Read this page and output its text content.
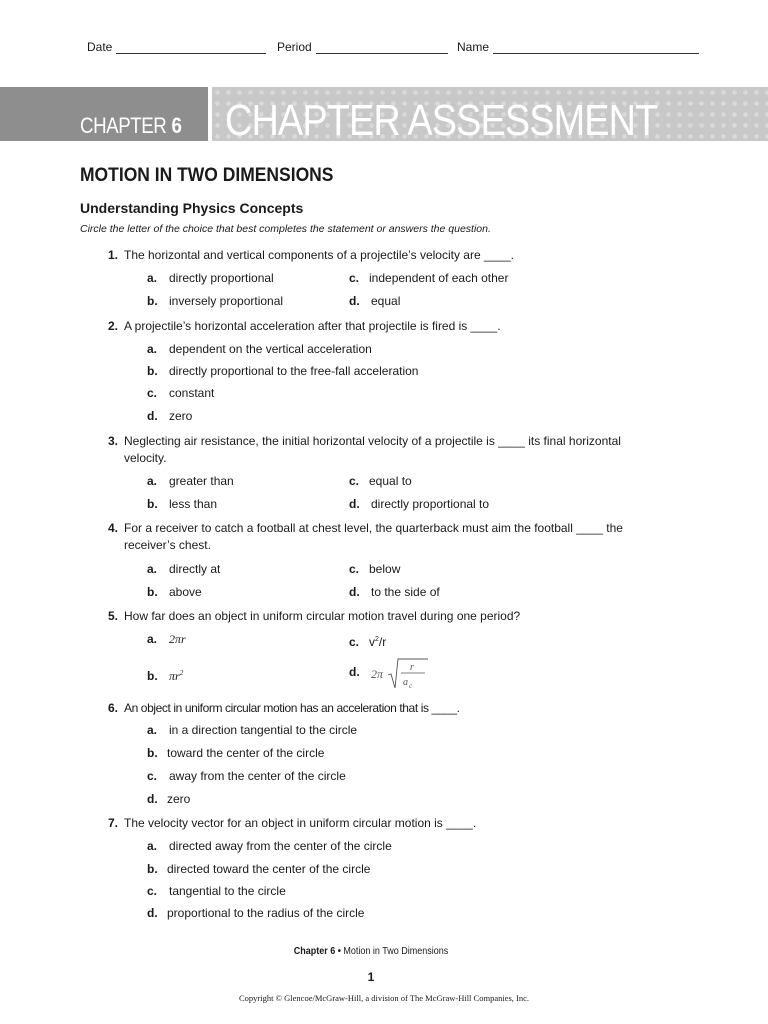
Date	Period	Name
CHAPTER 6 CHAPTER ASSESSMENT
MOTION IN TWO DIMENSIONS
Understanding Physics Concepts
Circle the letter of the choice that best completes the statement or answers the question.
1. The horizontal and vertical components of a projectile’s velocity are ____.
a. directly proportional
b. inversely proportional
c. independent of each other
d. equal
2. A projectile’s horizontal acceleration after that projectile is fired is ____.
a. dependent on the vertical acceleration
b. directly proportional to the free-fall acceleration
c. constant
d. zero
3. Neglecting air resistance, the initial horizontal velocity of a projectile is ____ its final horizontal velocity.
a. greater than
b. less than
c. equal to
d. directly proportional to
4. For a receiver to catch a football at chest level, the quarterback must aim the football ____ the receiver’s chest.
a. directly at
b. above
c. below
d. to the side of
5. How far does an object in uniform circular motion travel during one period?
a. 2πr
b. $\pi r^2$
c. $v^2/r$
d. 2π	r
a c
6. An object in uniform circular motion has an acceleration that is ____.
a. in a direction tangential to the circle
b. toward the center of the circle
c. away from the center of the circle
d. zero
7. The velocity vector for an object in uniform circular motion is ____.
a. directed away from the center of the circle
b. directed toward the center of the circle
c. tangential to the circle
d. proportional to the radius of the circle
Chapter 6 • Motion in Two Dimensions
1
Copyright © Glencoe/McGraw-Hill, a division of The McGraw-Hill Companies, Inc.
